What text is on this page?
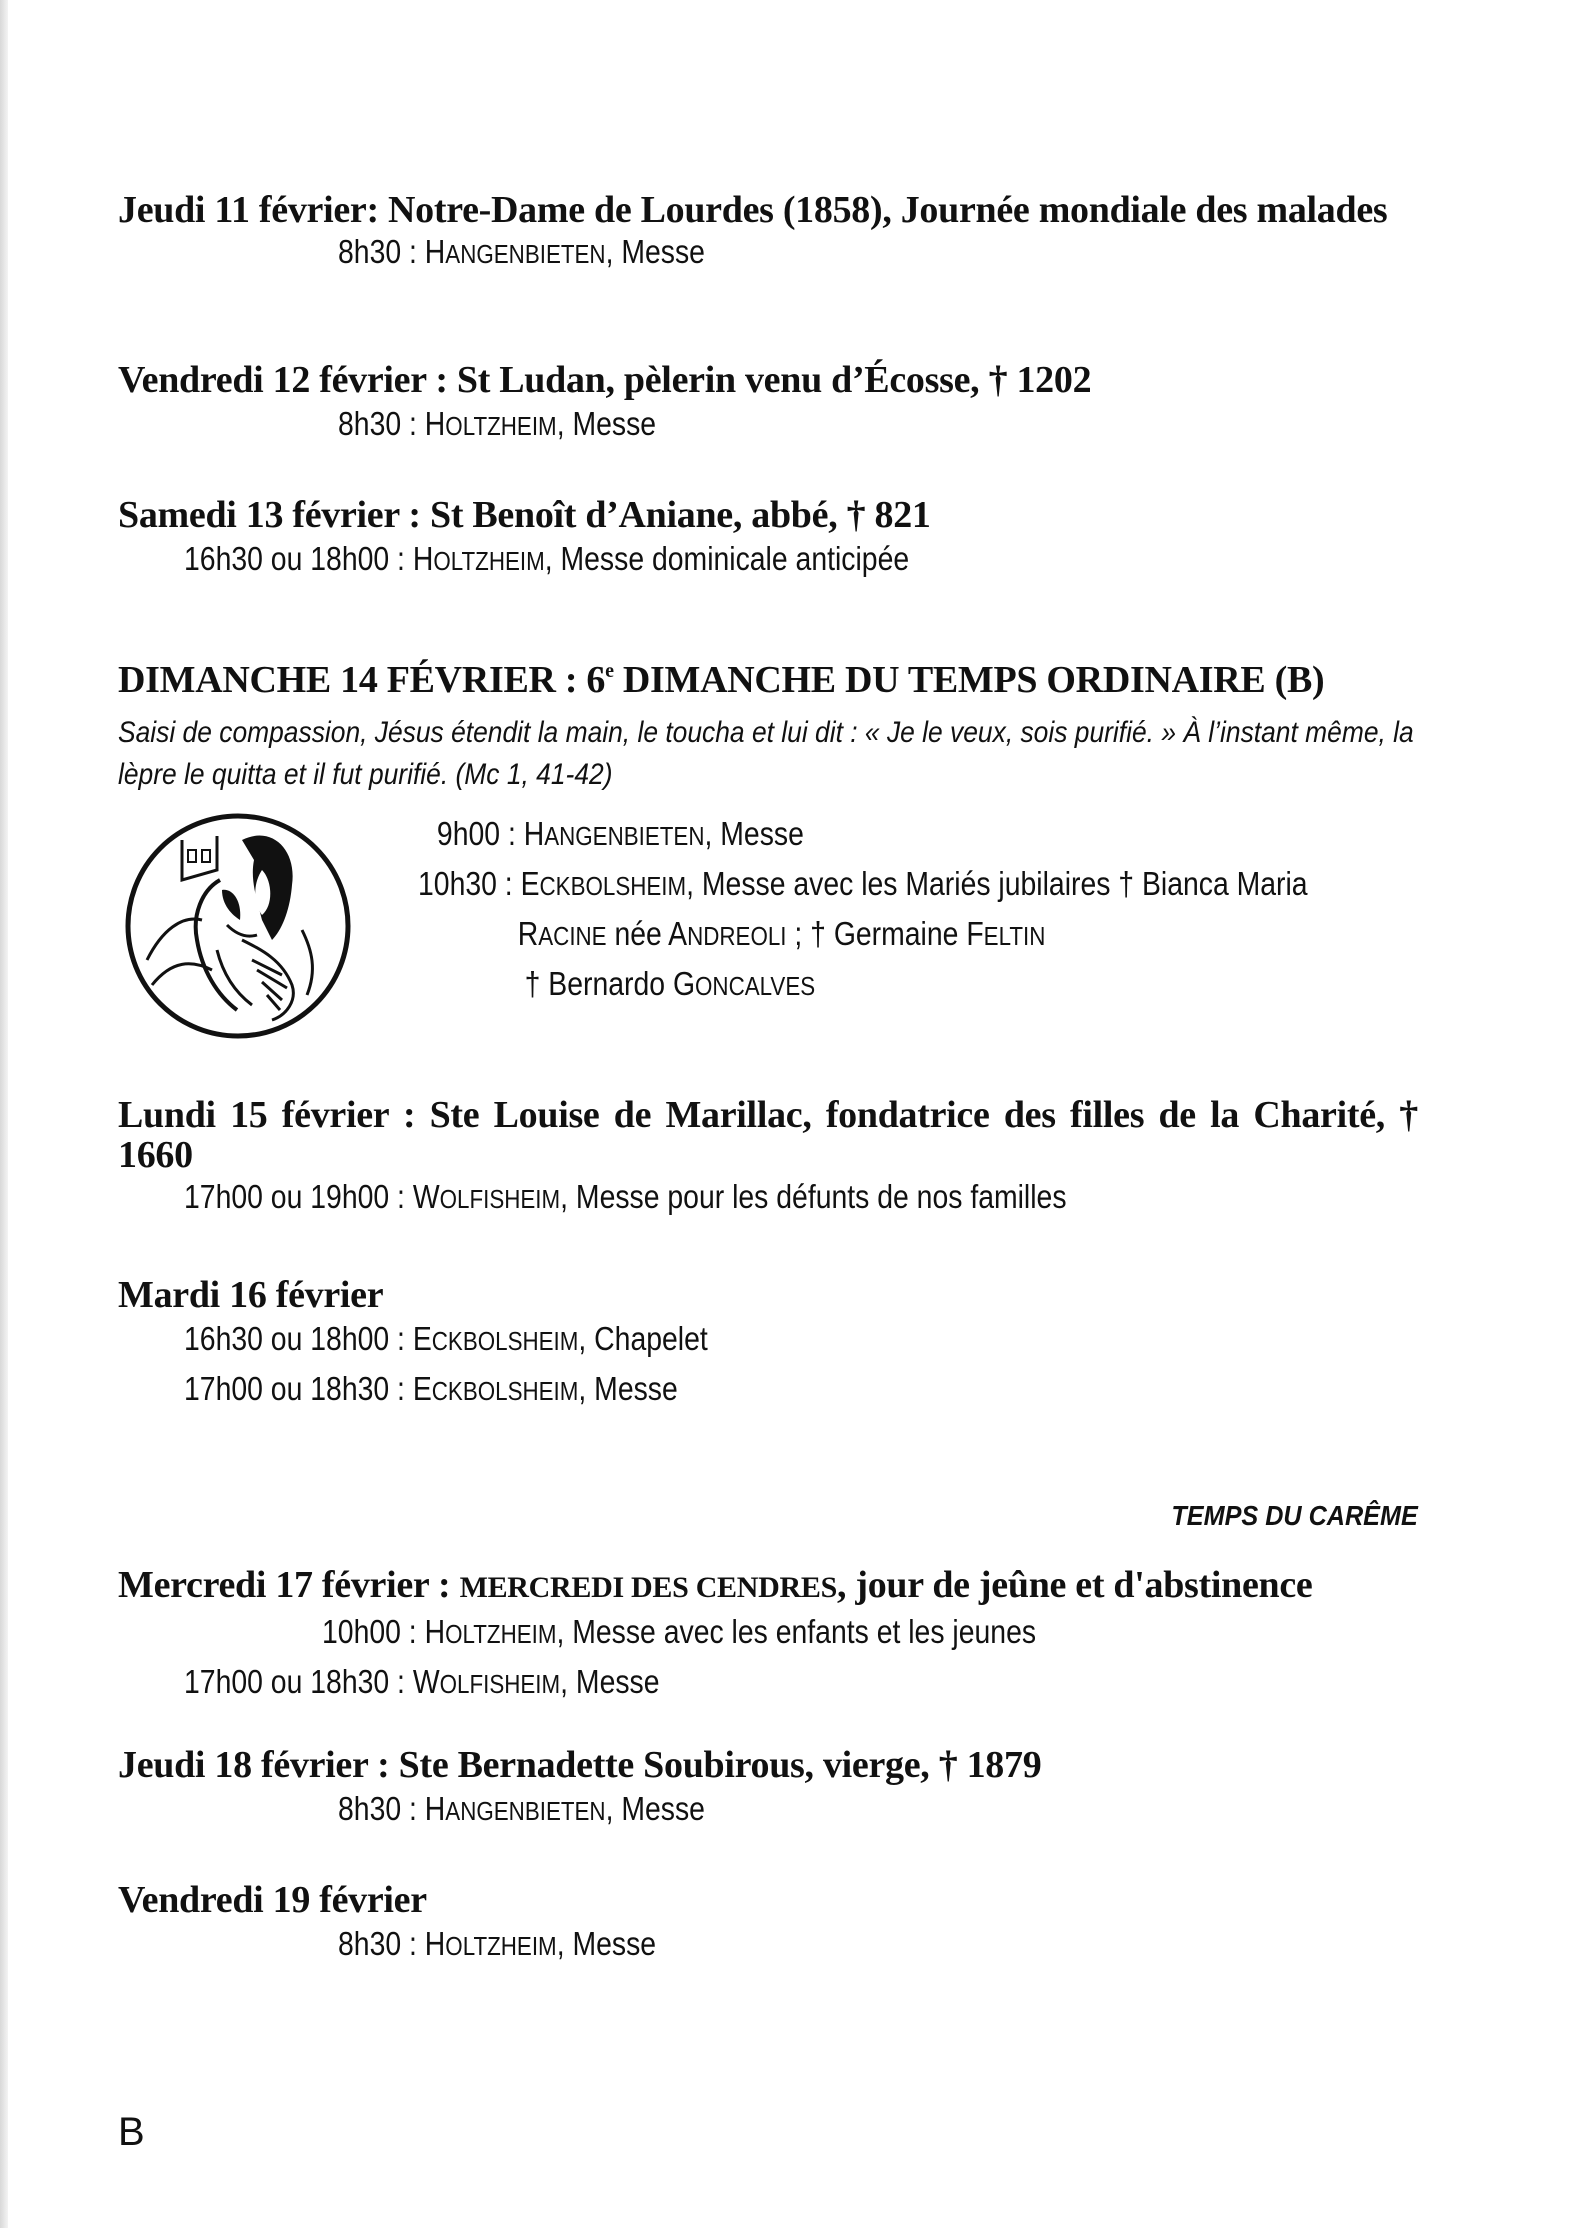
Jeudi 11 février: Notre-Dame de Lourdes (1858), Journée mondiale des malades

8h30 : HANGENBIETEN, Messe

Vendredi 12 février : St Ludan, pèlerin venu d’Écosse, † 1202

8h30 : HOLTZHEIM, Messe

Samedi 13 février : St Benoît d’Aniane, abbé, † 821

16h30 ou 18h00 : HOLTZHEIM, Messe dominicale anticipée

DIMANCHE 14 FÉVRIER : 6e DIMANCHE DU TEMPS ORDINAIRE (B)

Saisi de compassion, Jésus étendit la main, le toucha et lui dit : « Je le veux, sois purifié. » À l’instant même, la lèpre le quitta et il fut purifié. (Mc 1, 41-42)
9h00 : HANGENBIETEN, Messe
10h30 : ECKBOLSHEIM, Messe avec les Mariés jubilaires † Bianca Maria
RACINE née ANDREOLI ; † Germaine FELTIN
† Bernardo GONCALVES

Lundi 15 février : Ste Louise de Marillac, fondatrice des filles de la Charité, † 1660

17h00 ou 19h00 : WOLFISHEIM, Messe pour les défunts de nos familles

Mardi 16 février

16h30 ou 18h00 : ECKBOLSHEIM, Chapelet
17h00 ou 18h30 : ECKBOLSHEIM, Messe
TEMPS DU CARÊME

Mercredi 17 février : MERCREDI DES CENDRES, jour de jeûne et d'abstinence

10h00 : HOLTZHEIM, Messe avec les enfants et les jeunes
17h00 ou 18h30 : WOLFISHEIM, Messe

Jeudi 18 février : Ste Bernadette Soubirous, vierge, † 1879

8h30 : HANGENBIETEN, Messe

Vendredi 19 février

8h30 : HOLTZHEIM, Messe
B
